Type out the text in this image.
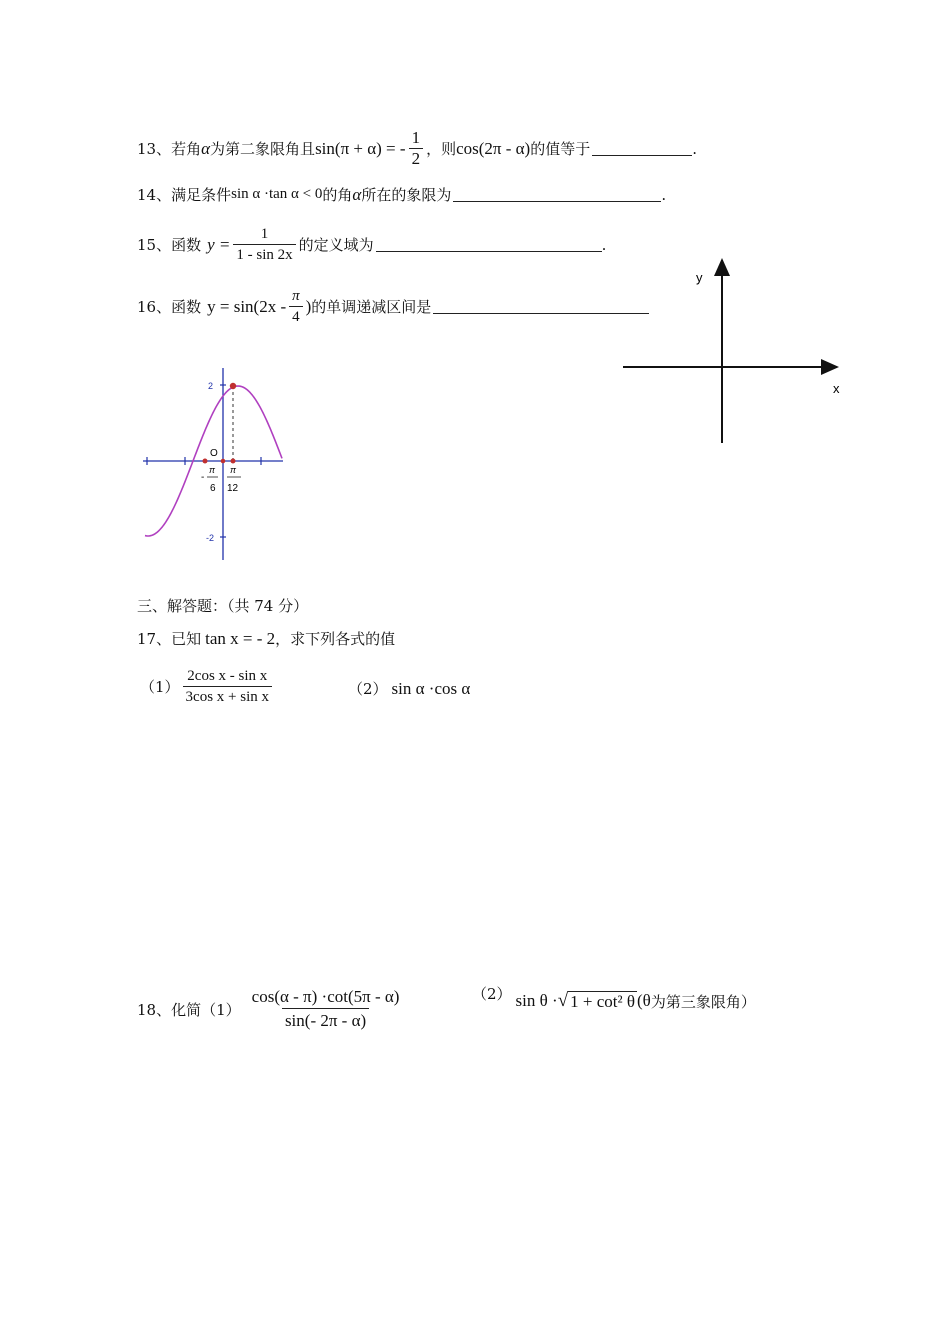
13、 若角 α 为第二象限角且 sin(π + α) = - $\frac{1}{2}$ ，则 cos(2π - α) 的值等于	.
14、 满足条件 sin α ·tan α < 0 的角 α 所在的象限为	.
15、 函数 $y = \frac{1}{1 - \sin 2x}$ 的定义域为	.
16、 函数 $y = \sin(2x - \frac{\pi}{4}$ ) 的单调递减区间是
y
x
2
-2
O
-
π
6
π
12
三、解答题：（共 74 分）
17、 已知 tan x = - 2 ，求下列各式的值
$(1) \frac{\text{2cos x - sin x}}{\text{3cos x + sin x}}$	（2） sin α ·cos α
18、 化简 $(1) \frac{\cos(\alpha - \pi) \cdot\cot(5\pi - \alpha)}{\sin(- 2\pi - \alpha)}$	（2） sin θ · √ 1 + cot² θ (θ 为第三象限角）
